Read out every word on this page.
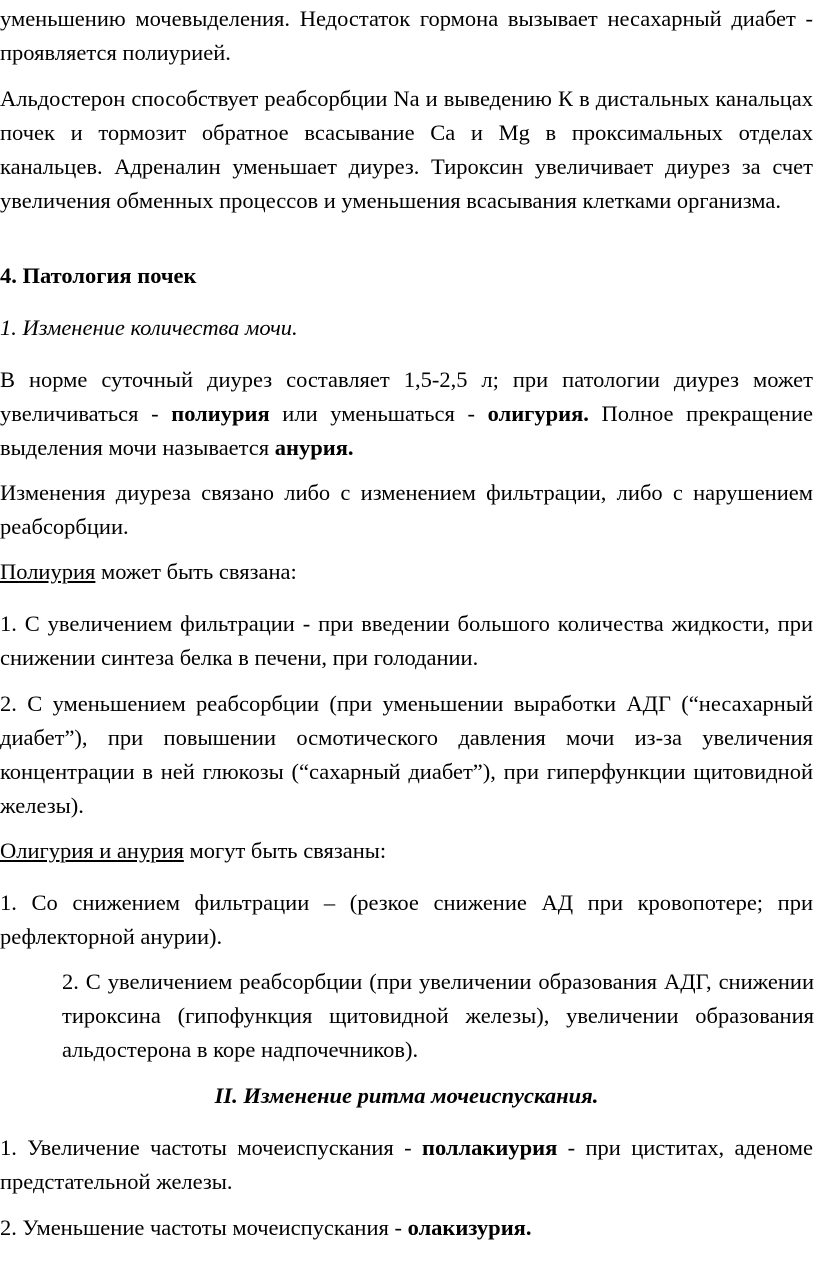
уменьшению мочевыделения. Недостаток гормона вызывает несахарный диабет - проявляется полиурией.

Альдостерон способствует реабсорбции Na и выведению К в дистальных канальцах почек и тормозит обратное всасывание Са и Mg в проксимальных отделах канальцев. Адреналин уменьшает диурез. Тироксин увеличивает диурез за счет увеличения обменных процессов и уменьшения всасывания клетками организма.

4. Патология почек

1. Изменение количества мочи.

В норме суточный диурез составляет 1,5-2,5 л; при патологии диурез может увеличиваться - полиурия или уменьшаться - олигурия. Полное прекращение выделения мочи называется анурия.

Изменения диуреза связано либо с изменением фильтрации, либо с нарушением реабсорбции.

Полиурия может быть связана:

1. С увеличением фильтрации - при введении большого количества жидкости, при снижении синтеза белка в печени, при голодании.

2. С уменьшением реабсорбции (при уменьшении выработки АДГ (“несахарный диабет”), при повышении осмотического давления мочи из-за увеличения концентрации в ней глюкозы (“сахарный диабет”), при гиперфункции щитовидной железы).

Олигурия и анурия могут быть связаны:

1. Со снижением фильтрации – (резкое снижение АД при кровопотере; при рефлекторной анурии).

2. С увеличением реабсорбции (при увеличении образования АДГ, снижении тироксина (гипофункция щитовидной железы), увеличении образования альдостерона в коре надпочечников).

II. Изменение ритма мочеиспускания.

1. Увеличение частоты мочеиспускания - поллакиурия - при циститах, аденоме предстательной железы.

2. Уменьшение частоты мочеиспускания - олакизурия.
